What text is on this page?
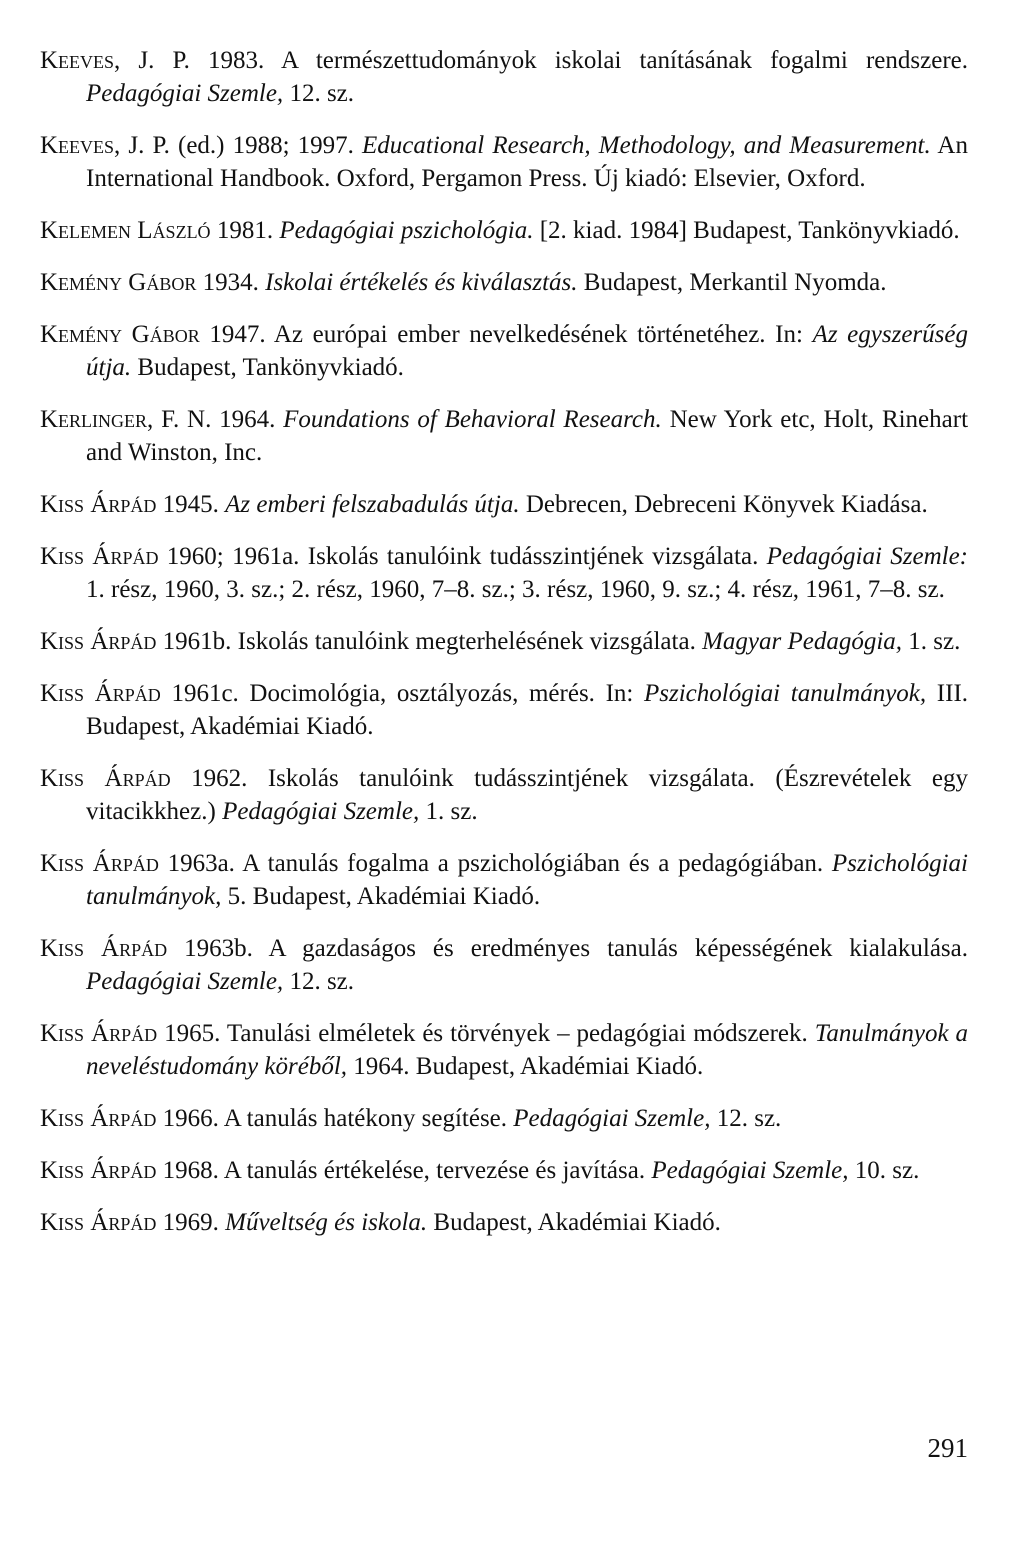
Keeves, J. P. 1983. A természettudományok iskolai tanításának fogalmi rendszere. Pedagógiai Szemle, 12. sz.

Keeves, J. P. (ed.) 1988; 1997. Educational Research, Methodology, and Measurement. An International Handbook. Oxford, Pergamon Press. Új kiadó: Elsevier, Oxford.

Kelemen László 1981. Pedagógiai pszichológia. [2. kiad. 1984] Budapest, Tankönyvkiadó.

Kemény Gábor 1934. Iskolai értékelés és kiválasztás. Budapest, Merkantil Nyomda.

Kemény Gábor 1947. Az európai ember nevelkedésének történetéhez. In: Az egyszerűség útja. Budapest, Tankönyvkiadó.

Kerlinger, F. N. 1964. Foundations of Behavioral Research. New York etc, Holt, Rinehart and Winston, Inc.

Kiss Árpád 1945. Az emberi felszabadulás útja. Debrecen, Debreceni Könyvek Kiadása.

Kiss Árpád 1960; 1961a. Iskolás tanulóink tudásszintjének vizsgálata. Pedagógiai Szemle: 1. rész, 1960, 3. sz.; 2. rész, 1960, 7–8. sz.; 3. rész, 1960, 9. sz.; 4. rész, 1961, 7–8. sz.

Kiss Árpád 1961b. Iskolás tanulóink megterhelésének vizsgálata. Magyar Pedagógia, 1. sz.

Kiss Árpád 1961c. Docimológia, osztályozás, mérés. In: Pszichológiai tanulmányok, III. Budapest, Akadémiai Kiadó.

Kiss Árpád 1962. Iskolás tanulóink tudásszintjének vizsgálata. (Észrevételek egy vitacikkhez.) Pedagógiai Szemle, 1. sz.

Kiss Árpád 1963a. A tanulás fogalma a pszichológiában és a pedagógiában. Pszichológiai tanulmányok, 5. Budapest, Akadémiai Kiadó.

Kiss Árpád 1963b. A gazdaságos és eredményes tanulás képességének kialakulása. Pedagógiai Szemle, 12. sz.

Kiss Árpád 1965. Tanulási elméletek és törvények – pedagógiai módszerek. Tanulmányok a neveléstudomány köréből, 1964. Budapest, Akadémiai Kiadó.

Kiss Árpád 1966. A tanulás hatékony segítése. Pedagógiai Szemle, 12. sz.

Kiss Árpád 1968. A tanulás értékelése, tervezése és javítása. Pedagógiai Szemle, 10. sz.

Kiss Árpád 1969. Műveltség és iskola. Budapest, Akadémiai Kiadó.

291
